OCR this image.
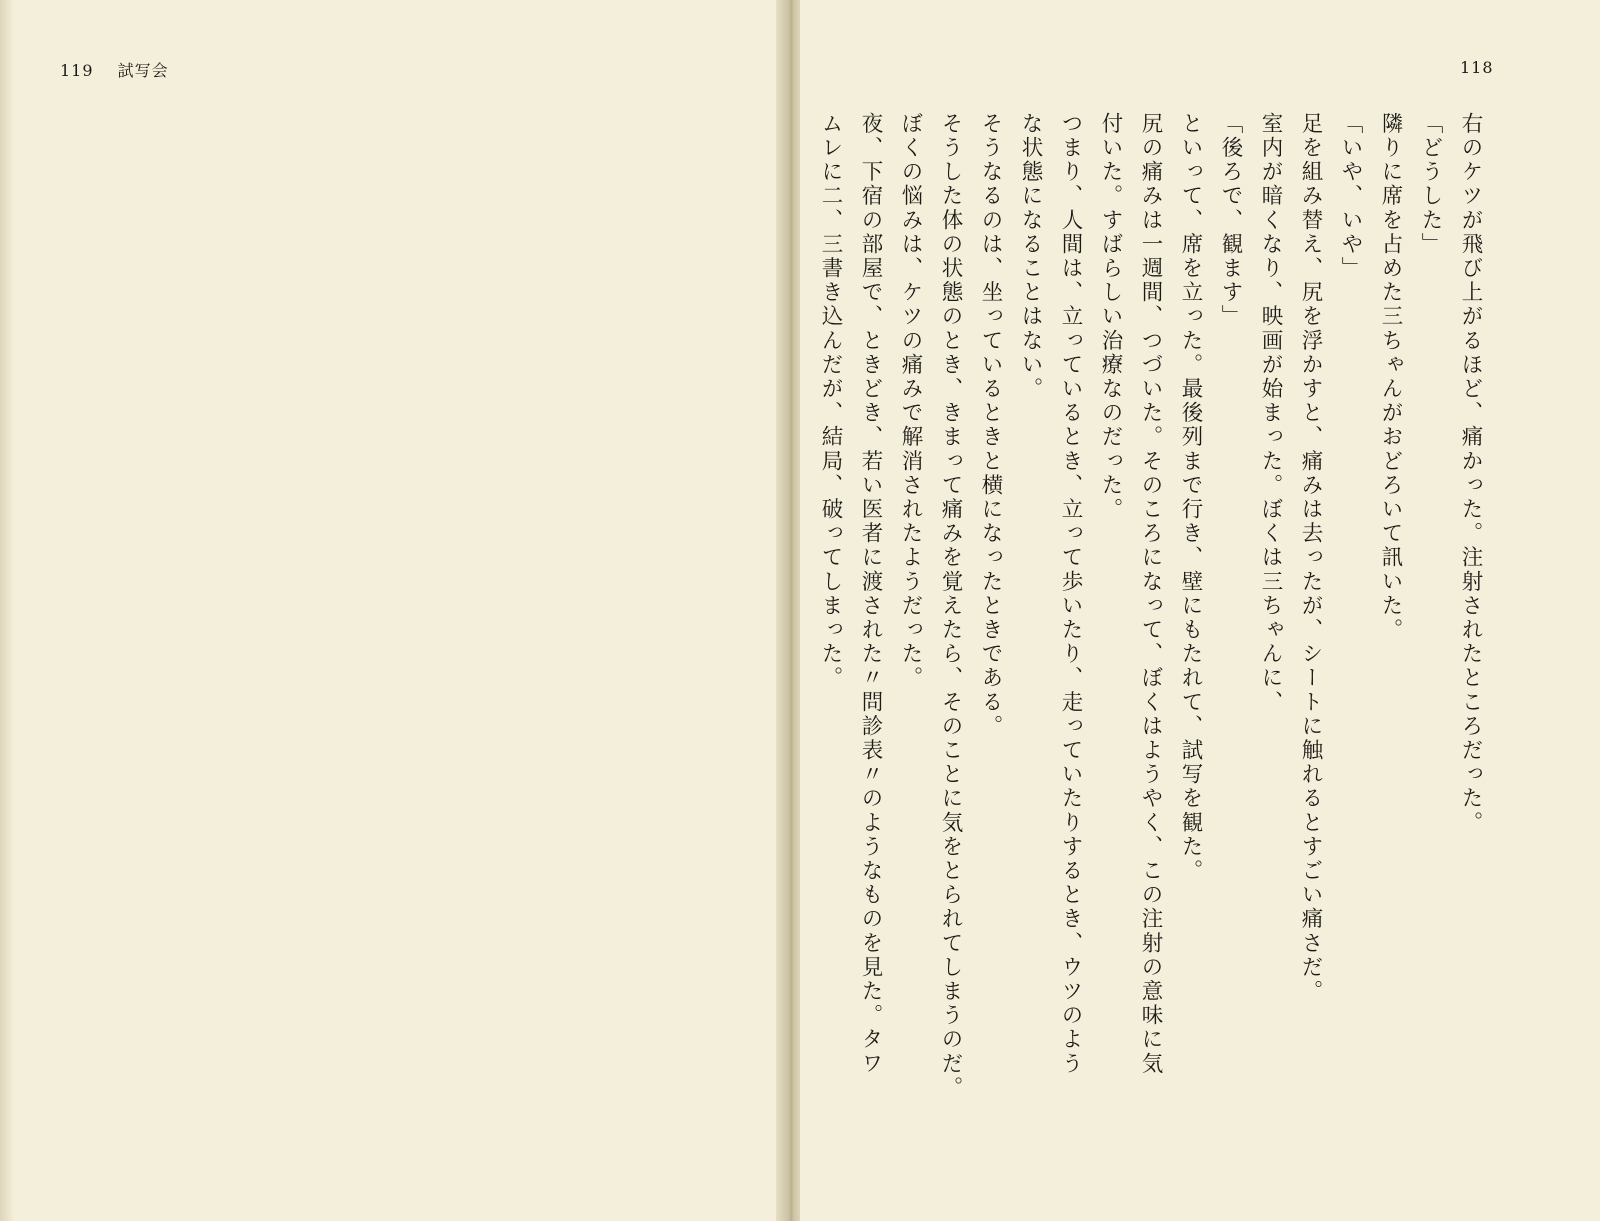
119 試写会	118
右のケツが飛び上がるほど、痛かった。注射されたところだった。
「どうした」
隣りに席を占めた三ちゃんがおどろいて訊いた。
「いや、いや」
足を組み替え、尻を浮かすと、痛みは去ったが、シートに触れるとすごい痛さだ。
室内が暗くなり、映画が始まった。ぼくは三ちゃんに、
「後ろで、観ます」
といって、席を立った。最後列まで行き、壁にもたれて、試写を観た。
尻の痛みは一週間、つづいた。そのころになって、ぼくはようやく、この注射の意味に気
付いた。すばらしい治療なのだった。
つまり、人間は、立っているとき、立って歩いたり、走っていたりするとき、ウツのよう
な状態になることはない。
そうなるのは、坐っているときと横になったときである。
そうした体の状態のとき、きまって痛みを覚えたら、そのことに気をとられてしまうのだ。
ぼくの悩みは、ケツの痛みで解消されたようだった。
夜、下宿の部屋で、ときどき、若い医者に渡された〃問診表〃のようなものを見た。タワ
ムレに二、三書き込んだが、結局、破ってしまった。
